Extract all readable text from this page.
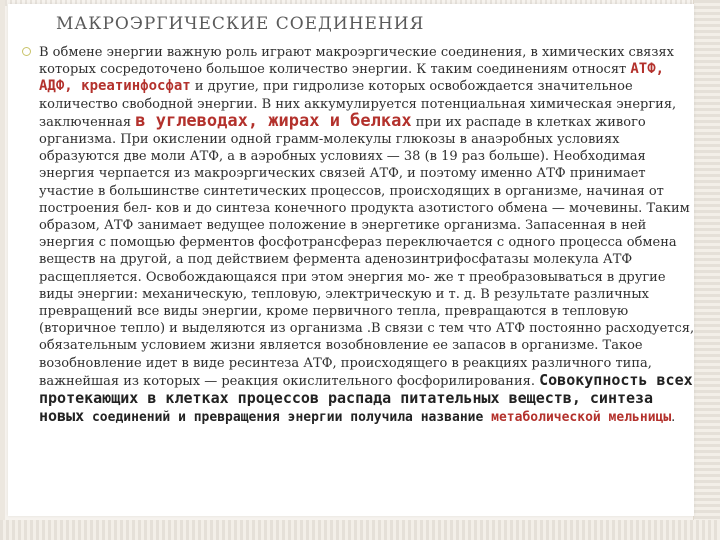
МАКРОЭРГИЧЕСКИЕ СОЕДИНЕНИЯ
В обмене энергии важную роль играют макроэргические соединения, в химических связях которых сосредоточено большое количество энергии. К таким соединениям относят АТФ, АДФ, креатинфосфат и другие, при гидролизе которых освобождается значительное количество свободной энергии. В них аккумулируется потенциальная химическая энергия, заключенная в углеводах, жирах и белках при их распаде в клетках живого организма. При окислении одной грамм-молекулы глюкозы в анаэробных условиях образуются две моли АТФ, а в аэробных условиях — 38 (в 19 раз больше). Необходимая энергия черпается из макроэргических связей АТФ, и поэтому именно АТФ принимает участие в большинстве синтетических процессов, происходящих в организме, начиная от построения бел- ков и до синтеза конечного продукта азотистого обмена — мочевины. Таким образом, АТФ занимает ведущее положение в энергетике организма. Запасенная в ней энергия с помощью ферментов фосфотрансфераз переключается с одного процесса обмена веществ на другой, а под действием фермента аденозинтрифосфатазы молекула АТФ расщепляется. Освобождающаяся при этом энергия мо- же т преобразовываться в другие виды энергии: механическую, тепловую, электрическую и т. д. В результате различных превращений все виды энергии, кроме первичного тепла, превращаются в тепловую (вторичное тепло) и выделяются из организма .В связи с тем что АТФ постоянно расходуется, обязательным условием жизни является возобновление ее запасов в организме. Такое возобновление идет в виде ресинтеза АТФ, происходящего в реакциях различного типа, важнейшая из которых — реакция окислительного фосфорилирования. Совокупность всех протекающих в клетках процессов распада питательных веществ, синтеза новых соединений и превращения энергии получила название метаболической мельницы.
